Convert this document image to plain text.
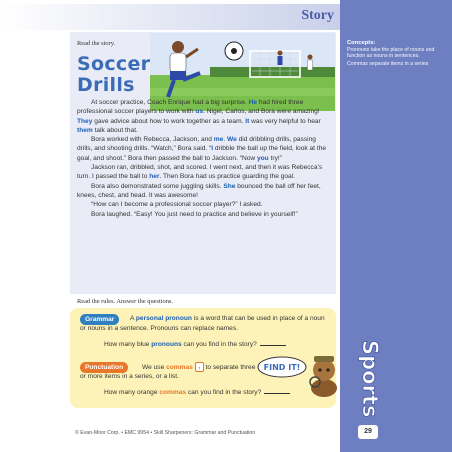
Story
Concepts:
Pronouns take the place of nouns and function as nouns in sentences.
Commas separate items in a series
Sports
29
Read the story.
Soccer
Drills

At soccer practice, Coach Enrique had a big surprise. He had hired three professional soccer players to work with us. Nigel, Carlos, and Bora were amazing! They gave advice about how to work together as a team. It was very helpful to hear them talk about that.

Bora worked with Rebecca, Jackson, and me. We did dribbling drills, passing drills, and shooting drills. “Watch,” Bora said. “I dribble the ball up the field, look at the goal, and shoot.” Bora then passed the ball to Jackson. “Now you try!”

Jackson ran, dribbled, shot, and scored. I went next, and then it was Rebecca’s turn. I passed the ball to her. Then Bora had us practice guarding the goal.

Bora also demonstrated some juggling skills. She bounced the ball off her feet, knees, chest, and head. It was awesome!

“How can I become a professional soccer player?” I asked.

Bora laughed. “Easy! You just need to practice and believe in yourself!”

Read the rules. Answer the questions.
A personal pronoun is a word that can be used in place of a noun or nouns in a sentence. Pronouns can replace names.
Grammar
How many blue pronouns can you find in the story?
We use commas , to separate three or more items in a series, or a list.
Punctuation	FIND IT!
How many orange commas can you find in the story?
© Evan-Moor Corp. • EMC 9954 • Skill Sharpeners: Grammar and Punctuation
